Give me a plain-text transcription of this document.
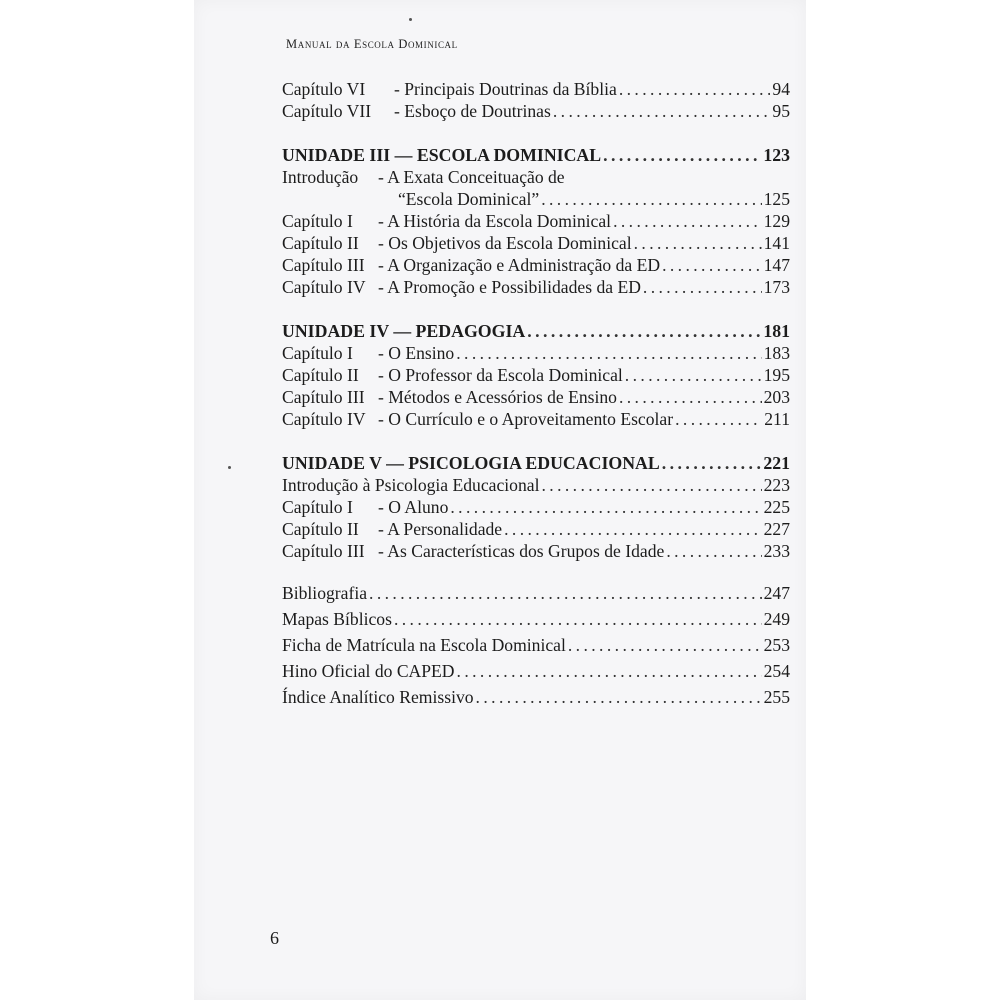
Manual da Escola Dominical
Capítulo VI	- Principais Doutrinas da Bíblia . . .	94
Capítulo VII	- Esboço de Doutrinas . . .	95
UNIDADE III — ESCOLA DOMINICAL . . .	123
Introdução - A Exata Conceituação de
“Escola Dominical” . . .	125
Capítulo I	- A História da Escola Dominical . . .	129
Capítulo II	- Os Objetivos da Escola Dominical . . .	141
Capítulo III - A Organização e Administração da ED . . .	147
Capítulo IV - A Promoção e Possibilidades da ED . . .	173
UNIDADE IV — PEDAGOGIA . . .	181
Capítulo I	- O Ensino . . .	183
Capítulo II	- O Professor da Escola Dominical . . .	195
Capítulo III - Métodos e Acessórios de Ensino . . .	203
Capítulo IV - O Currículo e o Aproveitamento Escolar . . .	211
UNIDADE V — PSICOLOGIA EDUCACIONAL . . .	221
Introdução à Psicologia Educacional . . .	223
Capítulo I	- O Aluno . . .	225
Capítulo II	- A Personalidade . . .	227
Capítulo III - As Características dos Grupos de Idade . . .	233
Bibliografia . . .	247
Mapas Bíblicos . . .	249
Ficha de Matrícula na Escola Dominical . . .	253
Hino Oficial do CAPED . . .	254
Índice Analítico Remissivo . . .	255
6
